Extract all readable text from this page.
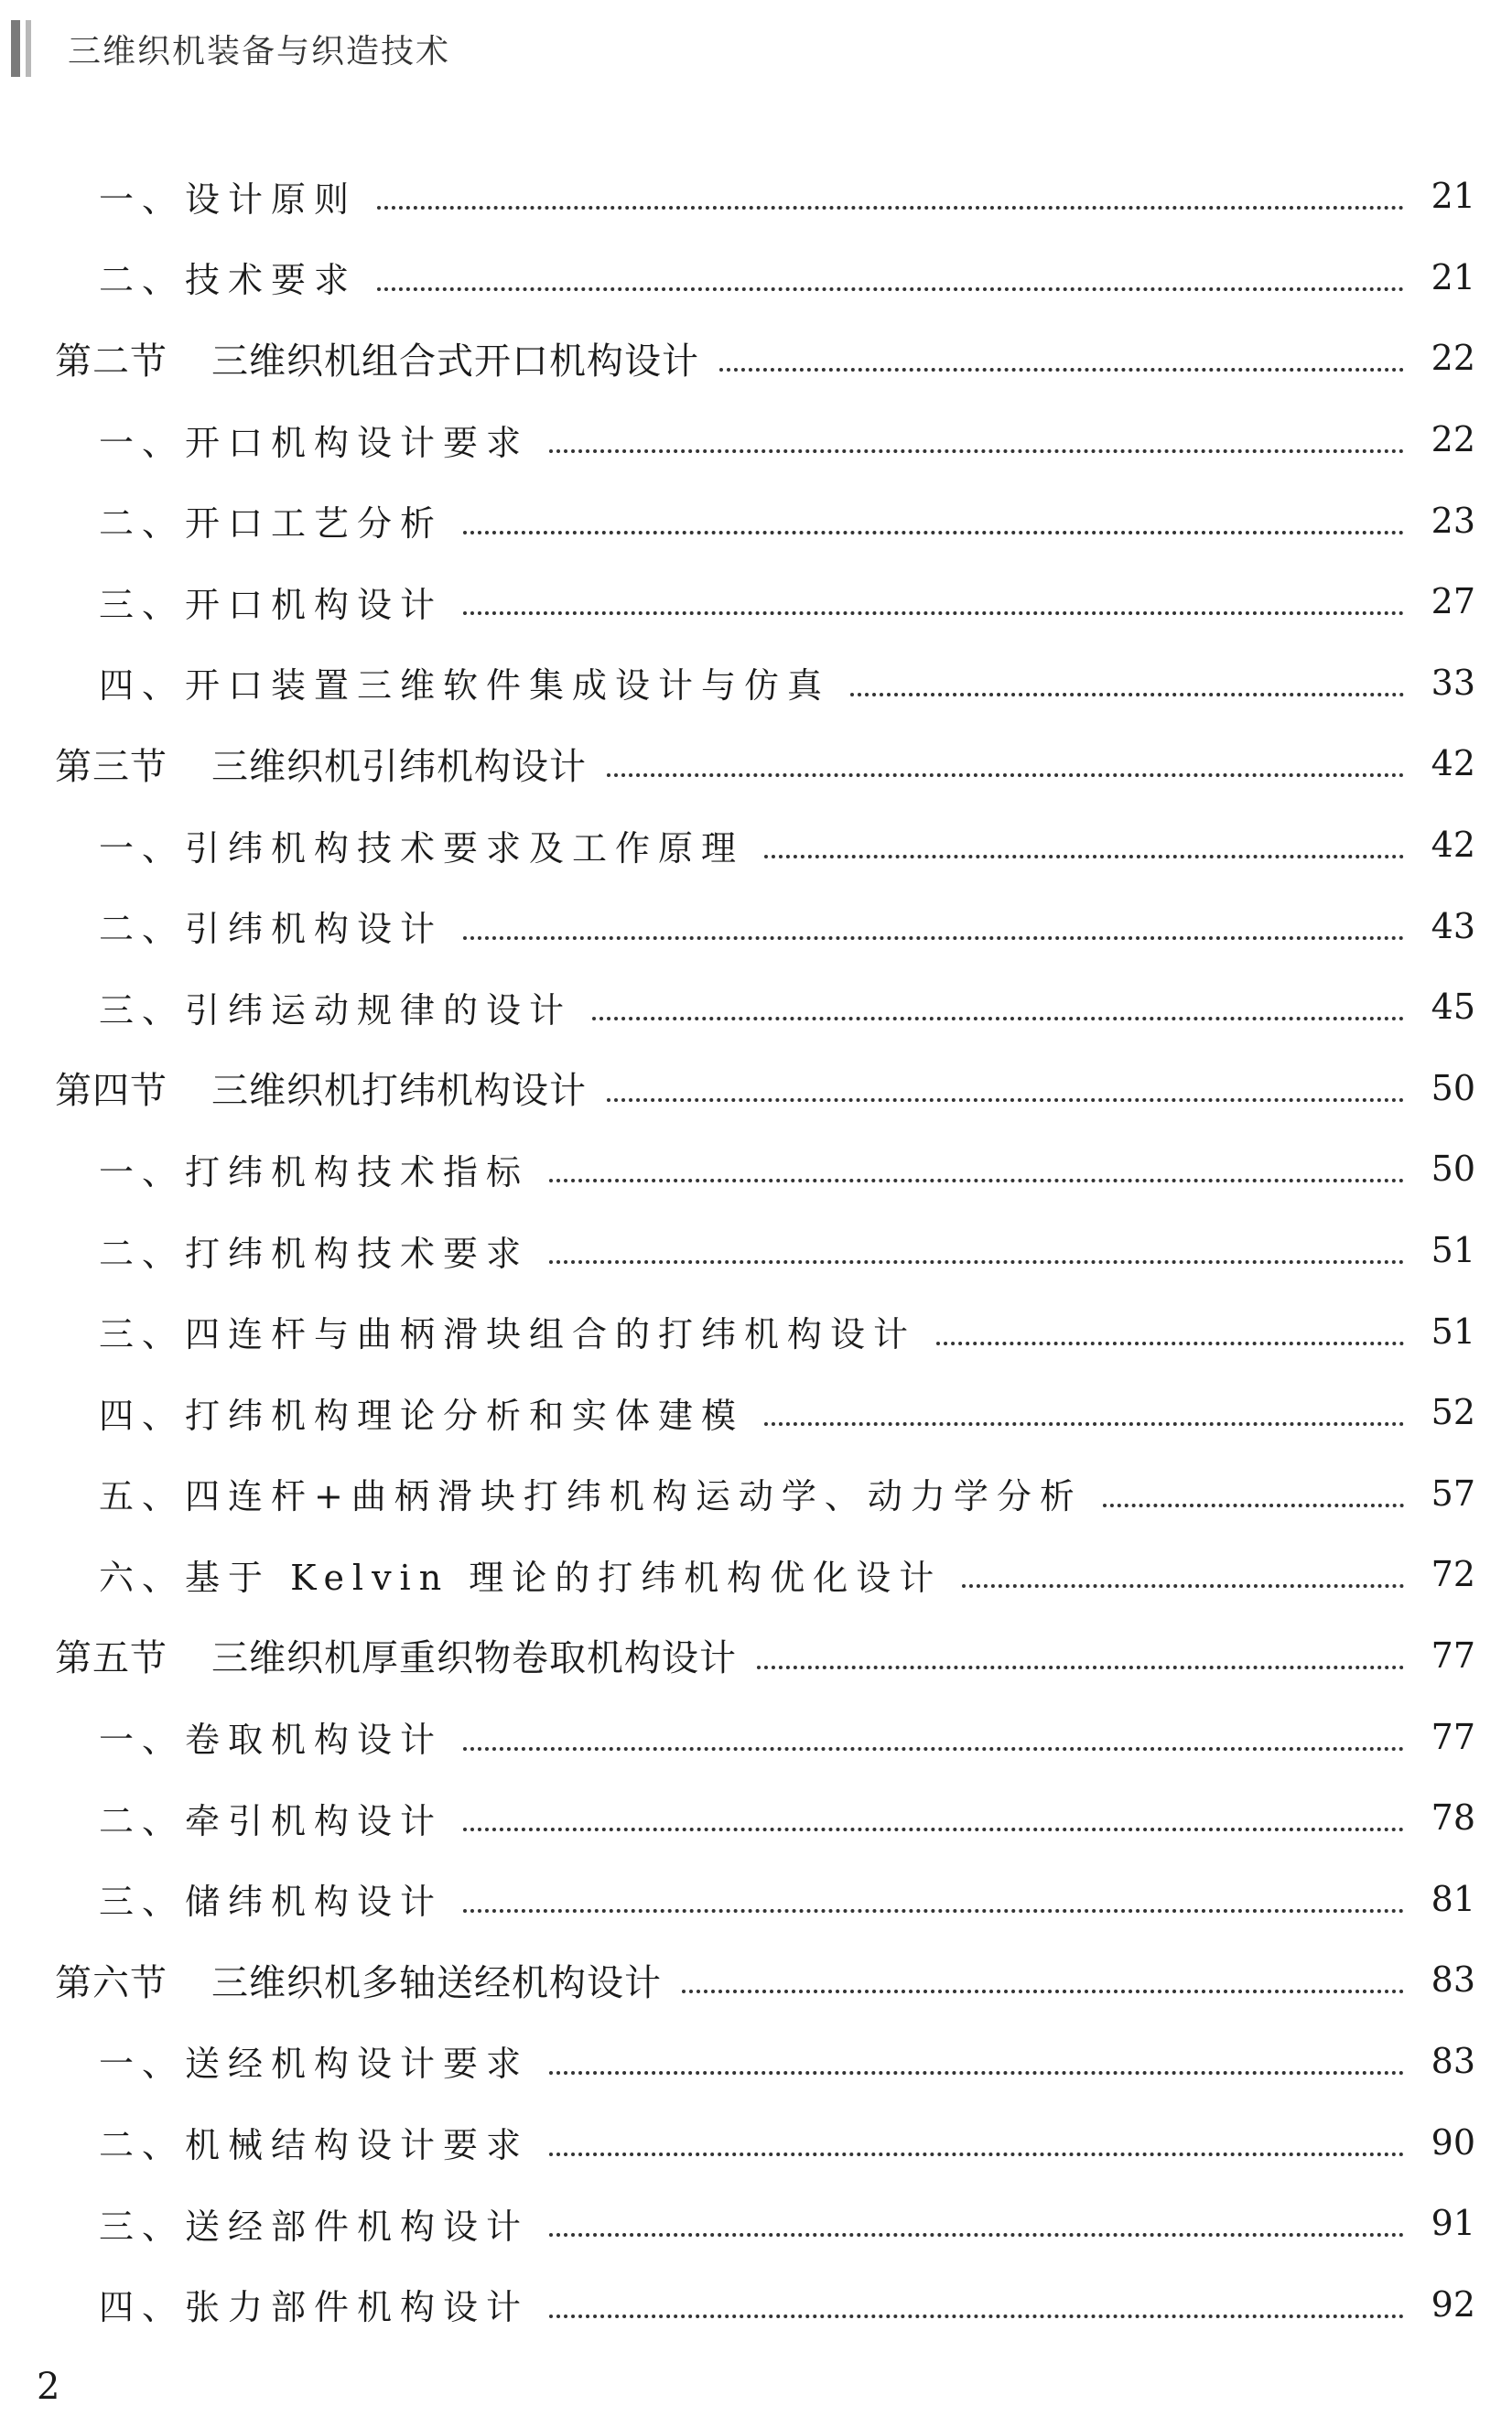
三维织机装备与织造技术
一、设计原则	21
二、技术要求	21
第二节 三维织机组合式开口机构设计	22
一、开口机构设计要求	22
二、开口工艺分析	23
三、开口机构设计	27
四、开口装置三维软件集成设计与仿真	33
第三节 三维织机引纬机构设计	42
一、引纬机构技术要求及工作原理	42
二、引纬机构设计	43
三、引纬运动规律的设计	45
第四节 三维织机打纬机构设计	50
一、打纬机构技术指标	50
二、打纬机构技术要求	51
三、四连杆与曲柄滑块组合的打纬机构设计	51
四、打纬机构理论分析和实体建模	52
五、四连杆+曲柄滑块打纬机构运动学、动力学分析	57
六、基于 Kelvin 理论的打纬机构优化设计	72
第五节 三维织机厚重织物卷取机构设计	77
一、卷取机构设计	77
二、牵引机构设计	78
三、储纬机构设计	81
第六节 三维织机多轴送经机构设计	83
一、送经机构设计要求	83
二、机械结构设计要求	90
三、送经部件机构设计	91
四、张力部件机构设计	92
2
